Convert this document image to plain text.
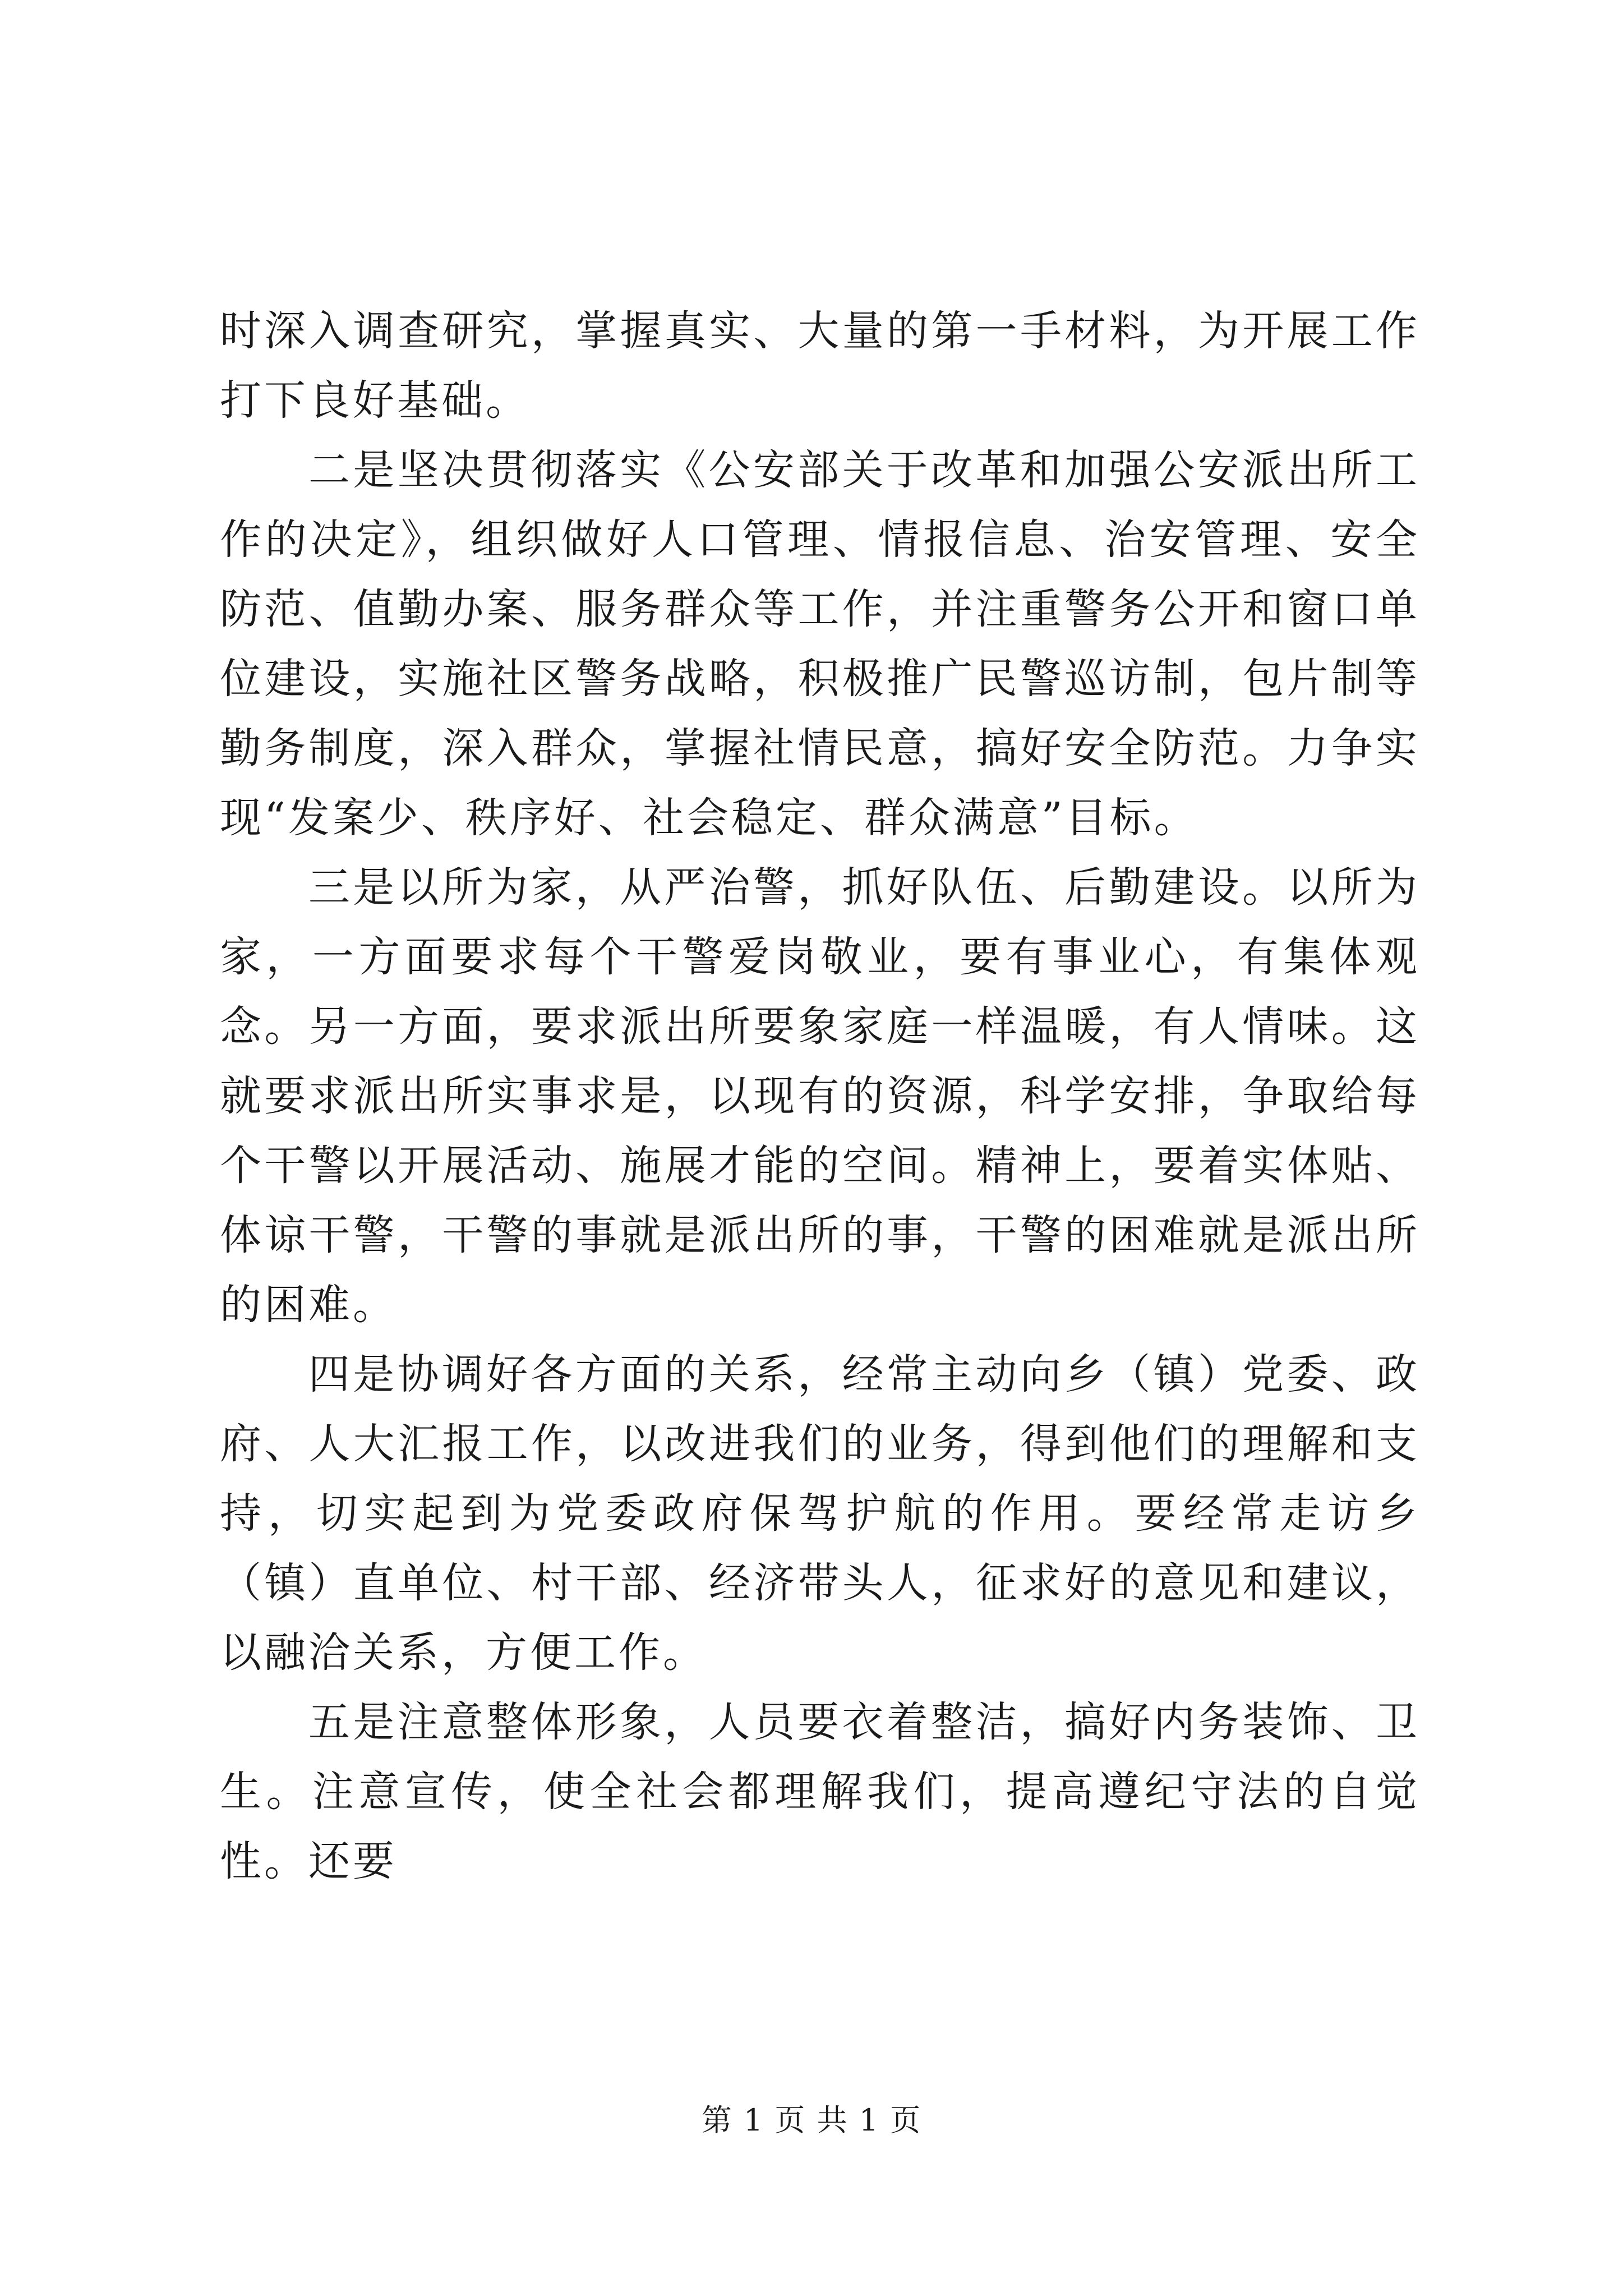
时深入调查研究，掌握真实、大量的第一手材料，为开展工作打下良好基础。

二是坚决贯彻落实《公安部关于改革和加强公安派出所工作的决定》，组织做好人口管理、情报信息、治安管理、安全防范、值勤办案、服务群众等工作，并注重警务公开和窗口单位建设，实施社区警务战略，积极推广民警巡访制，包片制等勤务制度，深入群众，掌握社情民意，搞好安全防范。力争实现“发案少、秩序好、社会稳定、群众满意”目标。

三是以所为家，从严治警，抓好队伍、后勤建设。以所为家，一方面要求每个干警爱岗敬业，要有事业心，有集体观念。另一方面，要求派出所要象家庭一样温暖，有人情味。这就要求派出所实事求是，以现有的资源，科学安排，争取给每个干警以开展活动、施展才能的空间。精神上，要着实体贴、体谅干警，干警的事就是派出所的事，干警的困难就是派出所的困难。

四是协调好各方面的关系，经常主动向乡（镇）党委、政府、人大汇报工作，以改进我们的业务，得到他们的理解和支持，切实起到为党委政府保驾护航的作用。要经常走访乡（镇）直单位、村干部、经济带头人，征求好的意见和建议，以融洽关系，方便工作。

五是注意整体形象，人员要衣着整洁，搞好内务装饰、卫生。注意宣传，使全社会都理解我们，提高遵纪守法的自觉性。还要

第 1 页 共 1 页
